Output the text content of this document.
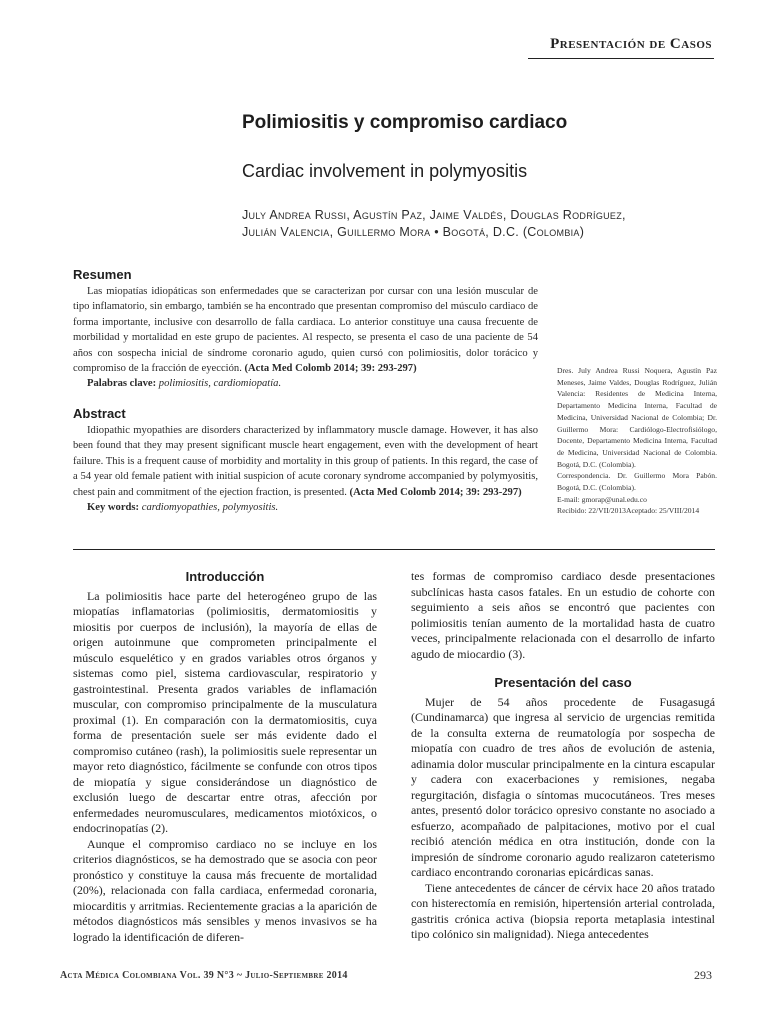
Presentación de Casos
Polimiositis y compromiso cardiaco
Cardiac involvement in polymyositis
July Andrea Russi, Agustín Paz, Jaime Valdés, Douglas Rodríguez,
Julián Valencia, Guillermo Mora • Bogotá, D.C. (Colombia)
Resumen
Las miopatías idiopáticas son enfermedades que se caracterizan por cursar con una lesión muscular de tipo inflamatorio, sin embargo, también se ha encontrado que presentan compromiso del músculo cardiaco de forma importante, inclusive con desarrollo de falla cardiaca. Lo anterior constituye una causa frecuente de morbilidad y mortalidad en este grupo de pacientes. Al respecto, se presenta el caso de una paciente de 54 años con sospecha inicial de síndrome coronario agudo, quien cursó con polimiositis, dolor torácico y compromiso de la fracción de eyección. (Acta Med Colomb 2014; 39: 293-297)
Palabras clave: polimiositis, cardiomiopatía.
Abstract
Idiopathic myopathies are disorders characterized by inflammatory muscle damage. However, it has also been found that they may present significant muscle heart engagement, even with the development of heart failure. This is a frequent cause of morbidity and mortality in this group of patients. In this regard, the case of a 54 year old female patient with initial suspicion of acute coronary syndrome accompanied by polymyositis, chest pain and commitment of the ejection fraction, is presented. (Acta Med Colomb 2014; 39: 293-297)
Key words: cardiomyopathies, polymyositis.

Dres. July Andrea Russi Noquera, Agustín Paz Meneses, Jaime Valdes, Douglas Rodríguez, Julián Valencia: Residentes de Medicina Interna, Departamento Medicina Interna, Facultad de Medicina, Universidad Nacional de Colombia; Dr. Guillermo Mora: Cardiólogo-Electrofisiólogo, Docente, Departamento Medicina Interna, Facultad de Medicina, Universidad Nacional de Colombia. Bogotá, D.C. (Colombia).

Correspondencia. Dr. Guillermo Mora Pabón. Bogotá, D.C. (Colombia).

E-mail: gmorap@unal.edu.co

Recibido: 22/VII/2013Aceptado: 25/VIII/2014

Introducción

La polimiositis hace parte del heterogéneo grupo de las miopatías inflamatorias (polimiositis, dermatomiositis y miositis por cuerpos de inclusión), la mayoría de ellas de origen autoinmune que comprometen principalmente el músculo esquelético y en grados variables otros órganos y sistemas como piel, sistema cardiovascular, respiratorio y gastrointestinal. Presenta grados variables de inflamación muscular, con compromiso principalmente de la musculatura proximal (1). En comparación con la dermatomiositis, cuya forma de presentación suele ser más evidente dado el compromiso cutáneo (rash), la polimiositis suele representar un mayor reto diagnóstico, fácilmente se confunde con otros tipos de miopatía y sigue considerándose un diagnóstico de exclusión luego de descartar entre otras, afección por enfermedades neuromusculares, medicamentos miotóxicos, o endocrinopatías (2).

Aunque el compromiso cardiaco no se incluye en los criterios diagnósticos, se ha demostrado que se asocia con peor pronóstico y constituye la causa más frecuente de mortalidad (20%), relacionada con falla cardiaca, enfermedad coronaria, miocarditis y arritmias. Recientemente gracias a la aparición de métodos diagnósticos más sensibles y menos invasivos se ha logrado la identificación de diferen-

tes formas de compromiso cardiaco desde presentaciones subclínicas hasta casos fatales. En un estudio de cohorte con seguimiento a seis años se encontró que pacientes con polimiositis tenían aumento de la mortalidad hasta de cuatro veces, principalmente relacionada con el desarrollo de infarto agudo de miocardio (3).

Presentación del caso

Mujer de 54 años procedente de Fusagasugá (Cundinamarca) que ingresa al servicio de urgencias remitida de la consulta externa de reumatología por sospecha de miopatía con cuadro de tres años de evolución de astenia, adinamia dolor muscular principalmente en la cintura escapular y cadera con exacerbaciones y remisiones, negaba regurgitación, disfagia o síntomas mucocutáneos. Tres meses antes, presentó dolor torácico opresivo constante no asociado a esfuerzo, acompañado de palpitaciones, motivo por el cual recibió atención médica en otra institución, donde con la impresión de síndrome coronario agudo realizaron cateterismo cardiaco encontrando coronarias epicárdicas sanas.

Tiene antecedentes de cáncer de cérvix hace 20 años tratado con histerectomía en remisión, hipertensión arterial controlada, gastritis crónica activa (biopsia reporta metaplasia intestinal tipo colónico sin malignidad). Niega antecedentes

Acta Médica Colombiana Vol. 39 N°3 ~ Julio-Septiembre 2014	293
